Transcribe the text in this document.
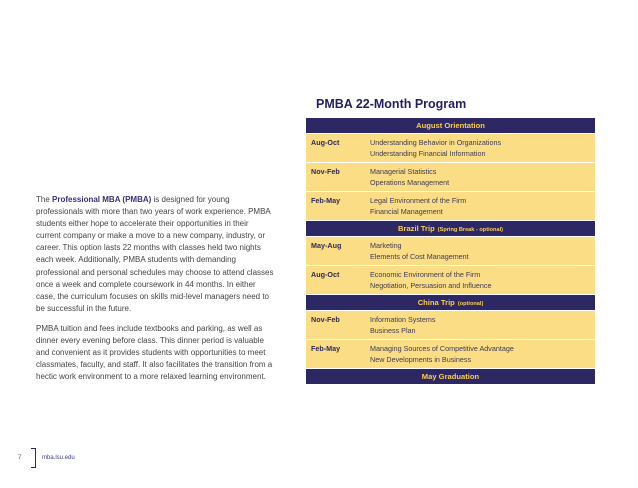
The Professional MBA (PMBA) is designed for young professionals with more than two years of work experience. PMBA students either hope to accelerate their opportunities in their current company or make a move to a new company, industry, or career. This option lasts 22 months with classes held two nights each week. Additionally, PMBA students with demanding professional and personal schedules may choose to attend classes once a week and complete coursework in 44 months. In either case, the curriculum focuses on skills mid-level managers need to be successful in the future.

PMBA tuition and fees include textbooks and parking, as well as dinner every evening before class. This dinner period is valuable and convenient as it provides students with opportunities to meet classmates, faculty, and staff. It also facilitates the transition from a hectic work environment to a more relaxed learning environment.

PMBA 22-Month Program
August Orientation

Aug-Oct	Understanding Behavior in Organizations
Understanding Financial Information

Nov-Feb	Managerial Statistics
Operations Management

Feb-May	Legal Environment of the Firm
Financial Management

Brazil Trip (Spring Break - optional)

May-Aug	Marketing
Elements of Cost Management

Aug-Oct	Economic Environment of the Firm
Negotiation, Persuasion and Influence

China Trip (optional)

Nov-Feb	Information Systems
Business Plan

Feb-May	Managing Sources of Competitive Advantage
New Developments in Business

May Graduation
7	mba.lsu.edu
